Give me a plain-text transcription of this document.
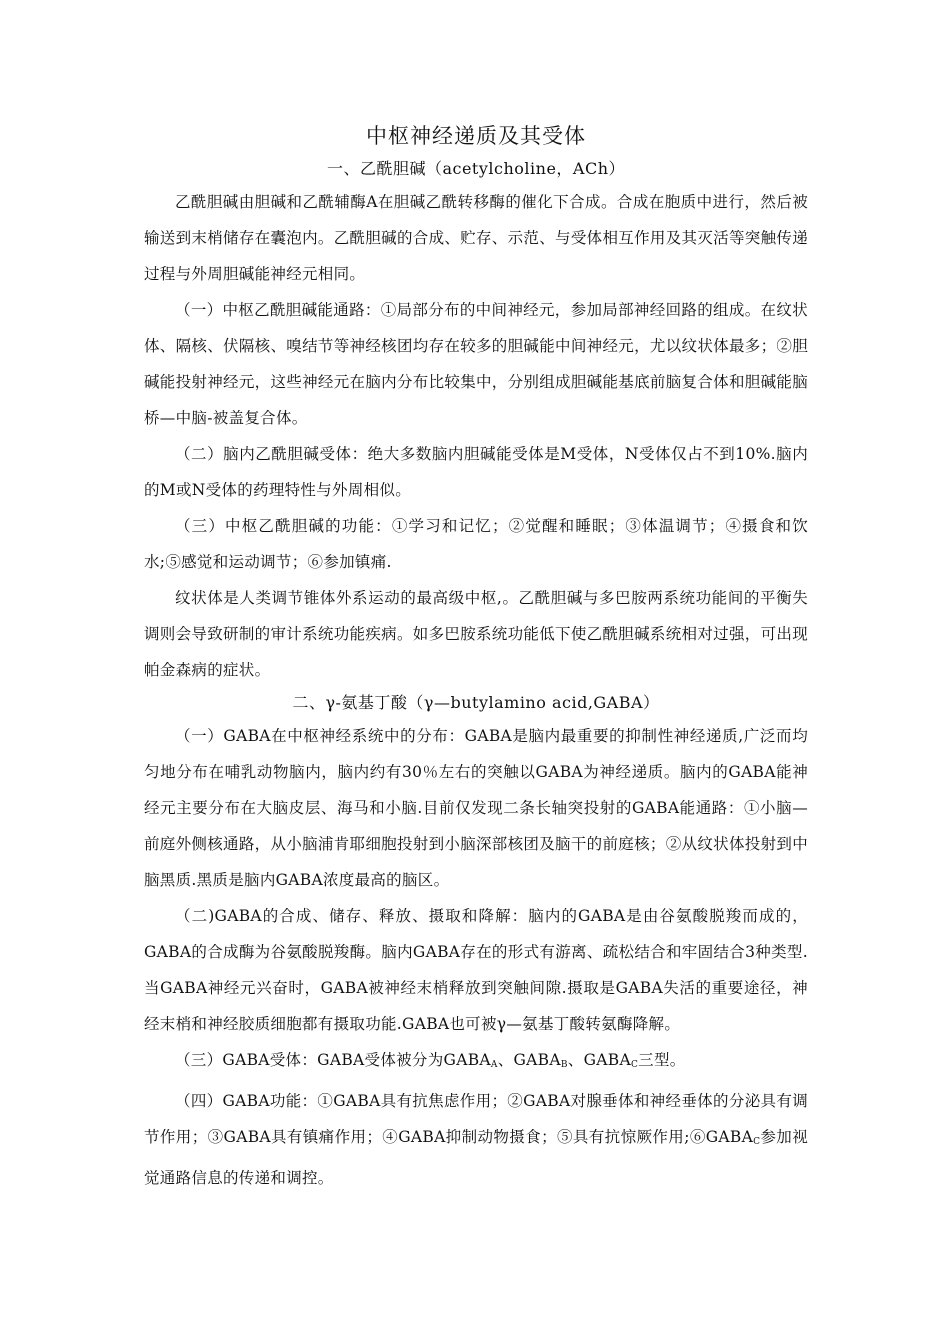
中枢神经递质及其受体
一、乙酰胆碱（acetylcholine，ACh）

乙酰胆碱由胆碱和乙酰辅酶A在胆碱乙酰转移酶的催化下合成。合成在胞质中进行，然后被输送到末梢储存在囊泡内。乙酰胆碱的合成、贮存、示范、与受体相互作用及其灭活等突触传递过程与外周胆碱能神经元相同。

（一）中枢乙酰胆碱能通路：①局部分布的中间神经元，参加局部神经回路的组成。在纹状体、隔核、伏隔核、嗅结节等神经核团均存在较多的胆碱能中间神经元，尤以纹状体最多；②胆碱能投射神经元，这些神经元在脑内分布比较集中，分别组成胆碱能基底前脑复合体和胆碱能脑桥—中脑-被盖复合体。

（二）脑内乙酰胆碱受体：绝大多数脑内胆碱能受体是M受体，N受体仅占不到10%.脑内的M或N受体的药理特性与外周相似。

（三）中枢乙酰胆碱的功能：①学习和记忆；②觉醒和睡眠；③体温调节；④摄食和饮水;⑤感觉和运动调节；⑥参加镇痛.

纹状体是人类调节锥体外系运动的最高级中枢,。乙酰胆碱与多巴胺两系统功能间的平衡失调则会导致研制的审计系统功能疾病。如多巴胺系统功能低下使乙酰胆碱系统相对过强，可出现帕金森病的症状。

二、γ-氨基丁酸（γ—butylamino acid,GABA）

（一）GABA在中枢神经系统中的分布：GABA是脑内最重要的抑制性神经递质,广泛而均匀地分布在哺乳动物脑内，脑内约有30％左右的突触以GABA为神经递质。脑内的GABA能神经元主要分布在大脑皮层、海马和小脑.目前仅发现二条长轴突投射的GABA能通路：①小脑—前庭外侧核通路，从小脑浦肯耶细胞投射到小脑深部核团及脑干的前庭核；②从纹状体投射到中脑黑质.黑质是脑内GABA浓度最高的脑区。

（二)GABA的合成、储存、释放、摄取和降解：脑内的GABA是由谷氨酸脱羧而成的，GABA的合成酶为谷氨酸脱羧酶。脑内GABA存在的形式有游离、疏松结合和牢固结合3种类型.当GABA神经元兴奋时，GABA被神经末梢释放到突触间隙.摄取是GABA失活的重要途径，神经末梢和神经胶质细胞都有摄取功能.GABA也可被γ—氨基丁酸转氨酶降解。

（三）GABA受体：GABA受体被分为$GABA_A$、$GABA_B$、$GABA_C$三型。

（四）GABA功能：①GABA具有抗焦虑作用；②GABA对腺垂体和神经垂体的分泌具有调节作用；③GABA具有镇痛作用；④GABA抑制动物摄食；⑤具有抗惊厥作用$;⑥GABA_C$参加视觉通路信息的传递和调控。
